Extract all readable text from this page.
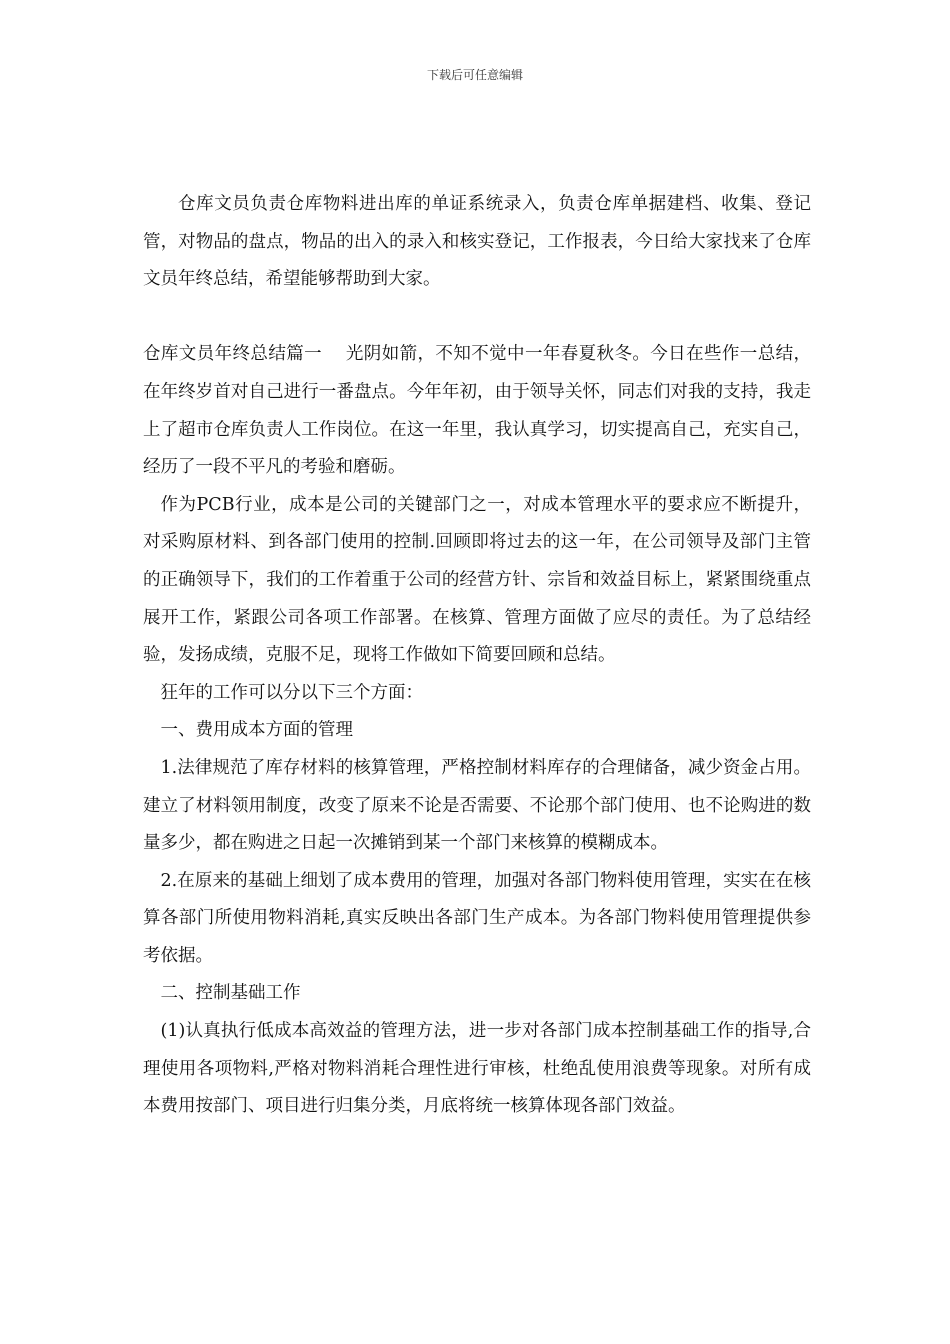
下载后可任意编辑

仓库文员负责仓库物料进出库的单证系统录入，负责仓库单据建档、收集、登记管，对物品的盘点，物品的出入的录入和核实登记，工作报表，今日给大家找来了仓库文员年终总结，希望能够帮助到大家。

仓库文员年终总结篇一　 光阴如箭，不知不觉中一年春夏秋冬。今日在些作一总结，在年终岁首对自己进行一番盘点。今年年初，由于领导关怀，同志们对我的支持，我走上了超市仓库负责人工作岗位。在这一年里，我认真学习，切实提高自己，充实自己，经历了一段不平凡的考验和磨砺。

作为PCB行业，成本是公司的关键部门之一，对成本管理水平的要求应不断提升，对采购原材料、到各部门使用的控制.回顾即将过去的这一年，在公司领导及部门主管的正确领导下，我们的工作着重于公司的经营方针、宗旨和效益目标上，紧紧围绕重点展开工作，紧跟公司各项工作部署。在核算、管理方面做了应尽的责任。为了总结经验，发扬成绩，克服不足，现将工作做如下简要回顾和总结。

狂年的工作可以分以下三个方面：

一、费用成本方面的管理

1.法律规范了库存材料的核算管理，严格控制材料库存的合理储备，减少资金占用。建立了材料领用制度，改变了原来不论是否需要、不论那个部门使用、也不论购进的数量多少，都在购进之日起一次摊销到某一个部门来核算的模糊成本。

2.在原来的基础上细划了成本费用的管理，加强对各部门物料使用管理，实实在在核算各部门所使用物料消耗,真实反映出各部门生产成本。为各部门物料使用管理提供参考依据。

二、控制基础工作

(1)认真执行低成本高效益的管理方法，进一步对各部门成本控制基础工作的指导,合理使用各项物料,严格对物料消耗合理性进行审核，杜绝乱使用浪费等现象。对所有成本费用按部门、项目进行归集分类，月底将统一核算体现各部门效益。
